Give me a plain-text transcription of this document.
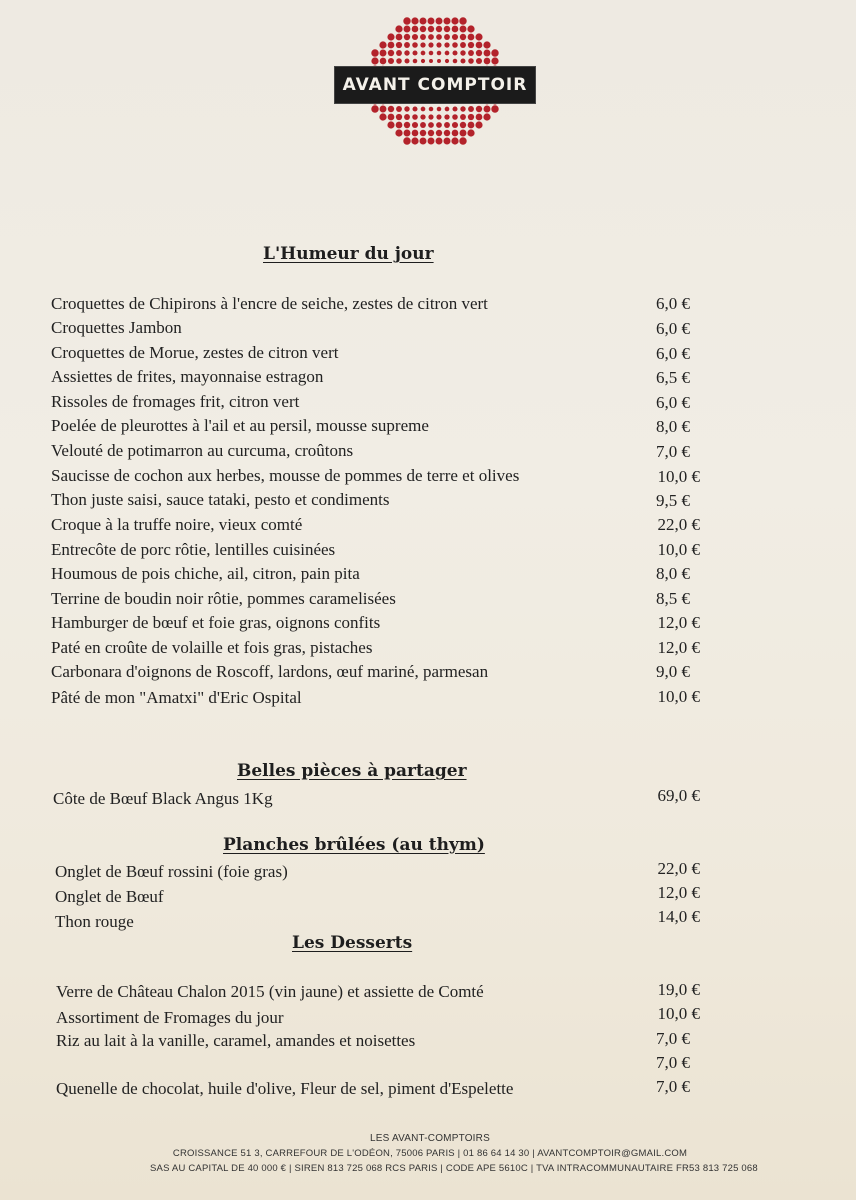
AVANT COMPTOIR
L'Humeur du jour
Croquettes de Chipirons à l'encre de seiche, zestes de citron vert	6,0 €
Croquettes Jambon	6,0 €
Croquettes de Morue, zestes de citron vert	6,0 €
Assiettes de frites, mayonnaise estragon	6,5 €
Rissoles de fromages frit, citron vert	6,0 €
Poelée de pleurottes à l'ail et au persil, mousse supreme	8,0 €
Velouté de potimarron au curcuma, croûtons	7,0 €
Saucisse de cochon aux herbes, mousse de pommes de terre et olives	10,0 €
Thon juste saisi, sauce tataki, pesto et condiments	9,5 €
Croque à la truffe noire, vieux comté	22,0 €
Entrecôte de porc rôtie, lentilles cuisinées	10,0 €
Houmous de pois chiche, ail, citron, pain pita	8,0 €
Terrine de boudin noir rôtie, pommes caramelisées	8,5 €
Hamburger de bœuf et foie gras, oignons confits	12,0 €
Paté en croûte de volaille et fois gras, pistaches	12,0 €
Carbonara d'oignons de Roscoff, lardons, œuf mariné, parmesan	9,0 €
Pâté de mon "Amatxi" d'Eric Ospital	10,0 €
Belles pièces à partager
Côte de Bœuf Black Angus 1Kg	69,0 €
Planches brûlées (au thym)
Onglet de Bœuf rossini (foie gras)	22,0 €
Onglet de Bœuf	12,0 €
Thon rouge	14,0 €
Les Desserts
Verre de Château Chalon 2015 (vin jaune) et assiette de Comté	19,0 €
Assortiment de Fromages du jour	10,0 €
Riz au lait à la vanille, caramel, amandes et noisettes	7,0 €
7,0 €
Quenelle de chocolat, huile d'olive, Fleur de sel, piment d'Espelette	7,0 €
LES AVANT-COMPTOIRS
CROISSANCE 51 3, CARREFOUR DE L'ODÉON, 75006 PARIS | 01 86 64 14 30 | AVANTCOMPTOIR@GMAIL.COM
SAS AU CAPITAL DE 40 000 € | SIREN 813 725 068 RCS PARIS | CODE APE 5610C | TVA INTRACOMMUNAUTAIRE FR53 813 725 068
